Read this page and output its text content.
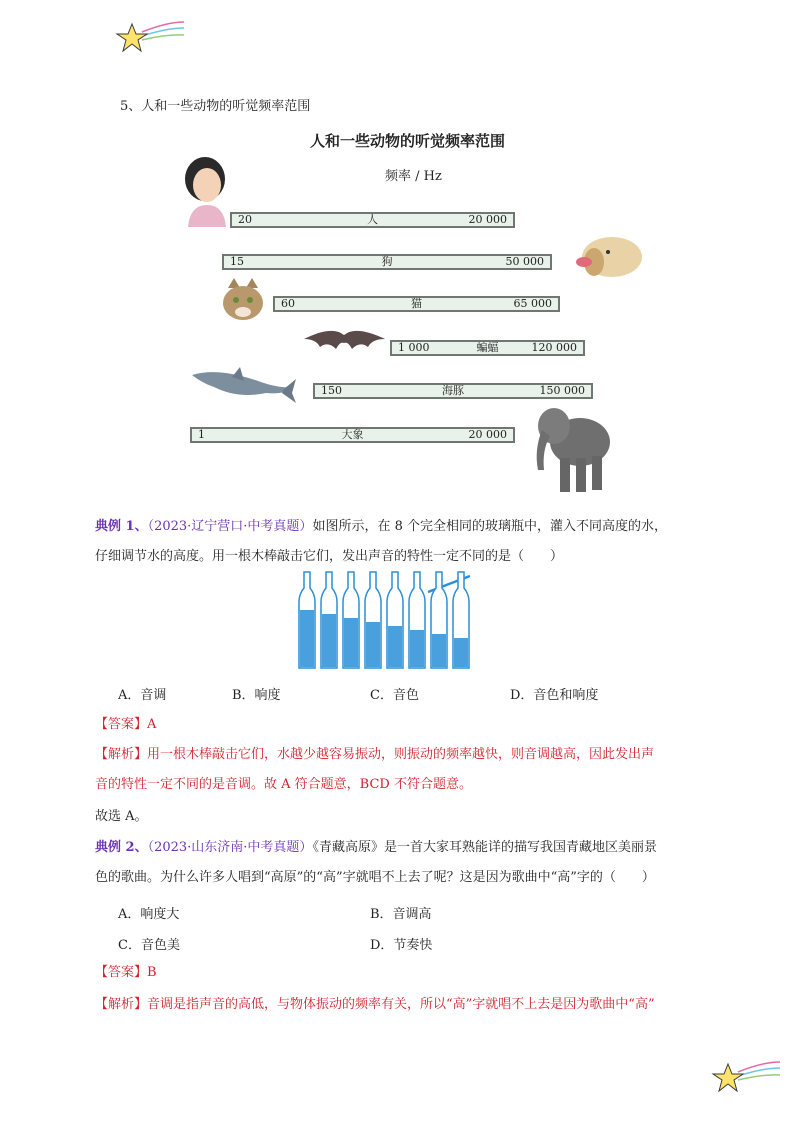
5、人和一些动物的听觉频率范围
人和一些动物的听觉频率范围
频率 / Hz
20	人	20 000
15	狗	50 000
60	猫	65 000
1 000	蝙蝠	120 000
150	海豚	150 000
1	大象	20 000
典例 1、（2023·辽宁营口·中考真题）如图所示，在 8 个完全相同的玻璃瓶中，灌入不同高度的水，
仔细调节水的高度。用一根木棒敲击它们，发出声音的特性一定不同的是（　　）
A．音调	B．响度	C．音色	D．音色和响度
【答案】A
【解析】用一根木棒敲击它们，水越少越容易振动，则振动的频率越快，则音调越高，因此发出声
音的特性一定不同的是音调。故 A 符合题意，BCD 不符合题意。
故选 A。
典例 2、（2023·山东济南·中考真题）《青藏高原》是一首大家耳熟能详的描写我国青藏地区美丽景
色的歌曲。为什么许多人唱到“高原”的“高”字就唱不上去了呢？这是因为歌曲中“高”字的（　　）
A．响度大	B．音调高
C．音色美	D．节奏快
【答案】B
【解析】音调是指声音的高低，与物体振动的频率有关，所以“高”字就唱不上去是因为歌曲中“高”
